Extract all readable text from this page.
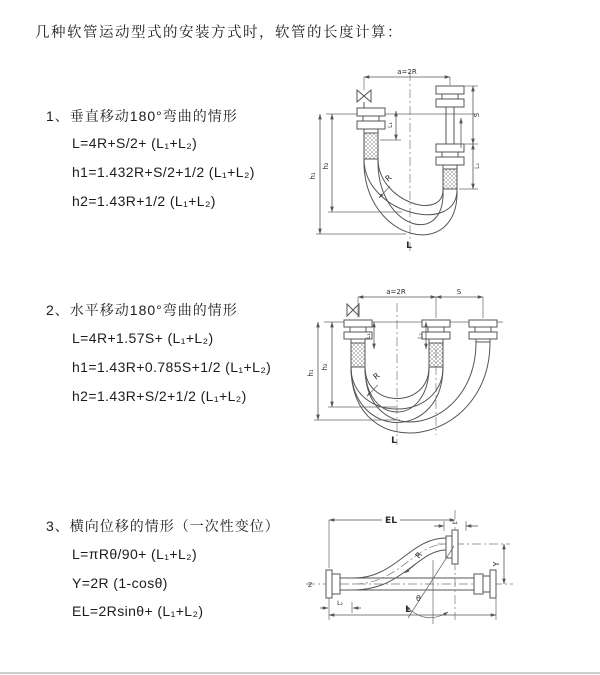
几种软管运动型式的安装方式时，软管的长度计算：
1、垂直移动180°弯曲的情形
L=4R+S/2+ (L₁+L₂)
h1=1.432R+S/2+1/2 (L₁+L₂)
h2=1.43R+1/2 (L₁+L₂)
2、水平移动180°弯曲的情形
L=4R+1.57S+ (L₁+L₂)
h1=1.43R+0.785S+1/2 (L₁+L₂)
h2=1.43R+S/2+1/2 (L₁+L₂)
3、横向位移的情形（一次性变位）
L=πRθ/90+ (L₁+L₂)
Y=2R (1-cosθ)
EL=2Rsinθ+ (L₁+L₂)
a=2R
h₁
h₂
L₁
S
L₂
R
L
a=2R	S
h₁
h₂
L₁	L₂
R
L
θ
R
EL	L₁
Y
L
L₂
Z
